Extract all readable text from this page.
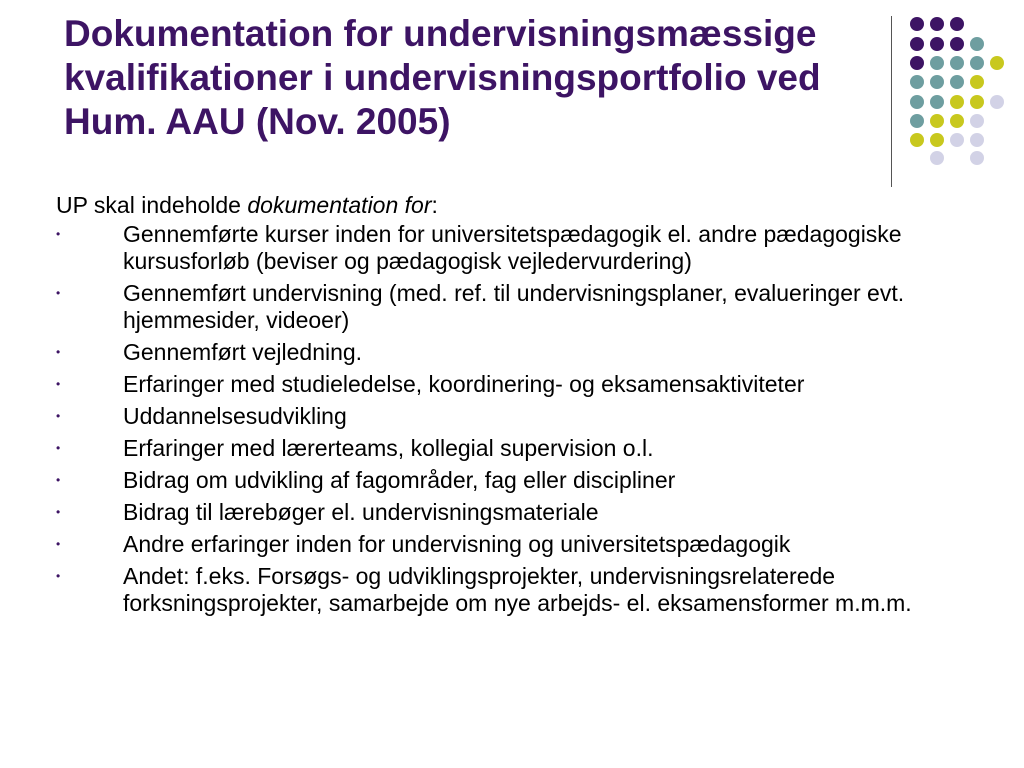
Dokumentation for undervisningsmæssige kvalifikationer i undervisningsportfolio ved Hum. AAU (Nov. 2005)

UP skal indeholde dokumentation for:

•	Gennemførte kurser inden for universitetspædagogik el. andre pædagogiske kursusforløb (beviser og pædagogisk vejledervurdering)
•	Gennemført undervisning (med. ref. til undervisningsplaner, evalueringer evt. hjemmesider, videoer)
•	Gennemført vejledning.
•	Erfaringer med studieledelse, koordinering- og eksamensaktiviteter
•	Uddannelsesudvikling
•	Erfaringer med lærerteams, kollegial supervision o.l.
•	Bidrag om udvikling af fagområder, fag eller discipliner
•	Bidrag til lærebøger el. undervisningsmateriale
•	Andre erfaringer inden for undervisning og universitetspædagogik
•	Andet: f.eks. Forsøgs- og udviklingsprojekter, undervisningsrelaterede forksningsprojekter, samarbejde om nye arbejds- el. eksamensformer m.m.m.
